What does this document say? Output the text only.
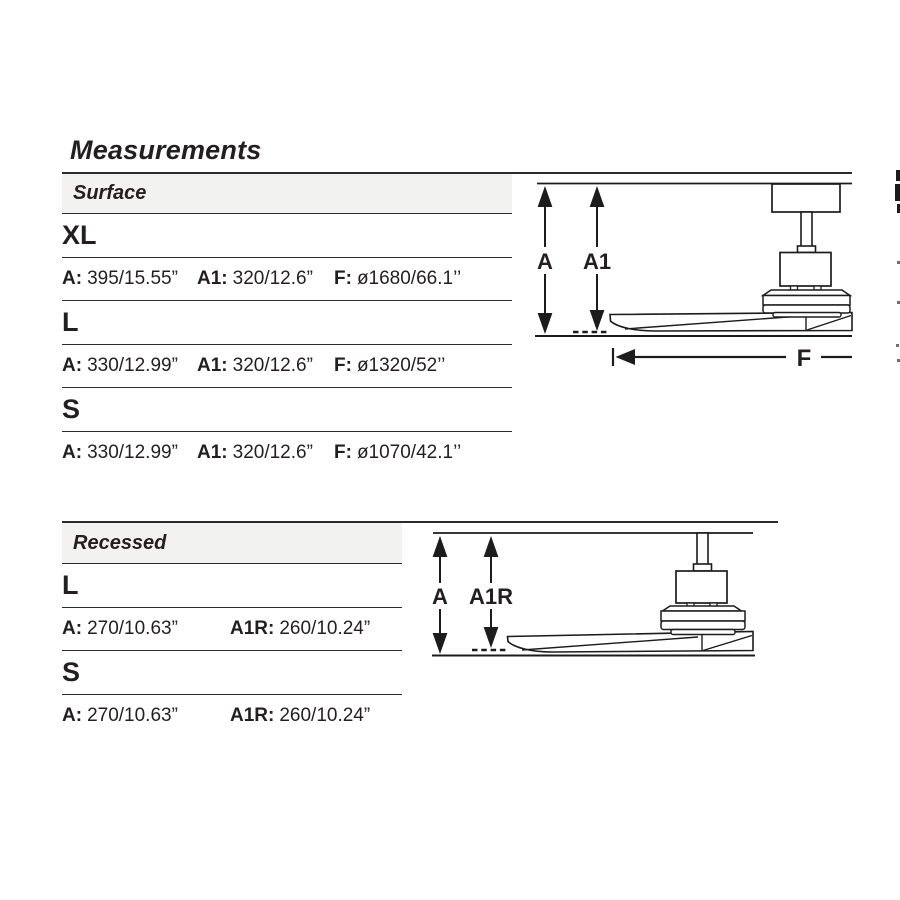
Measurements
Surface
XL
A: 395/15.55” A1: 320/12.6” F: ø1680/66.1’’
L
A: 330/12.99” A1: 320/12.6” F: ø1320/52’’
S
A: 330/12.99” A1: 320/12.6” F: ø1070/42.1’’
A A1
F
Recessed
L
A: 270/10.63”	A1R: 260/10.24”
S
A: 270/10.63”	A1R: 260/10.24”
A A1R
